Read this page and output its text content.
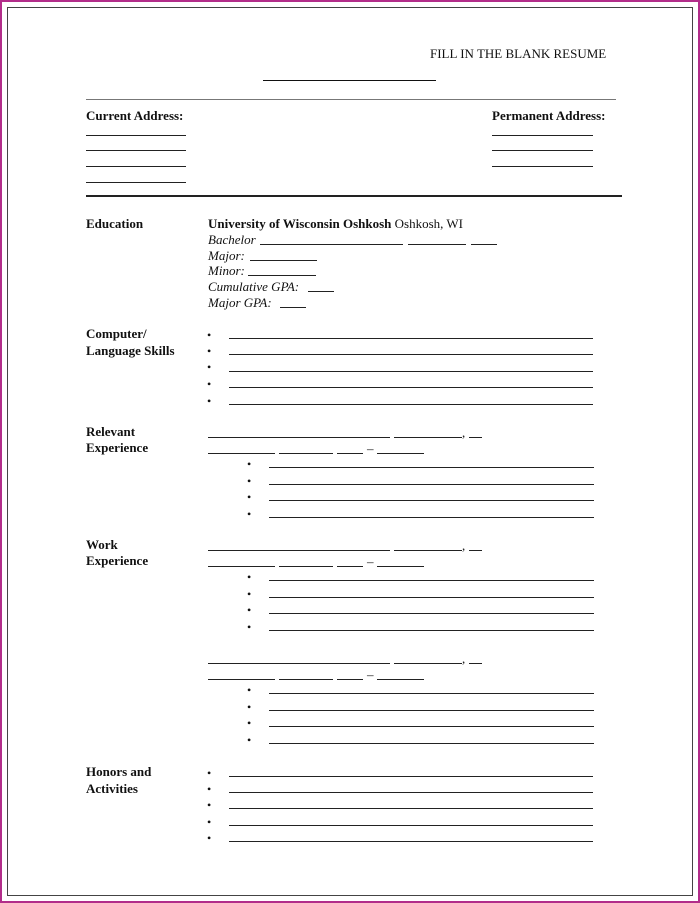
FILL IN THE BLANK RESUME
Current Address:	Permanent Address:
Education	University of Wisconsin Oshkosh Oshkosh, WI
Bachelor
Major:
Minor:
Cumulative GPA:
Major GPA:
Computer/
Language Skills
•
•
•
•
•
Relevant
Experience
,
–
•
•
•
•
Work
Experience
,
–
•
•
•
•
,
–
•
•
•
•
Honors and
Activities
•
•
•
•
•
